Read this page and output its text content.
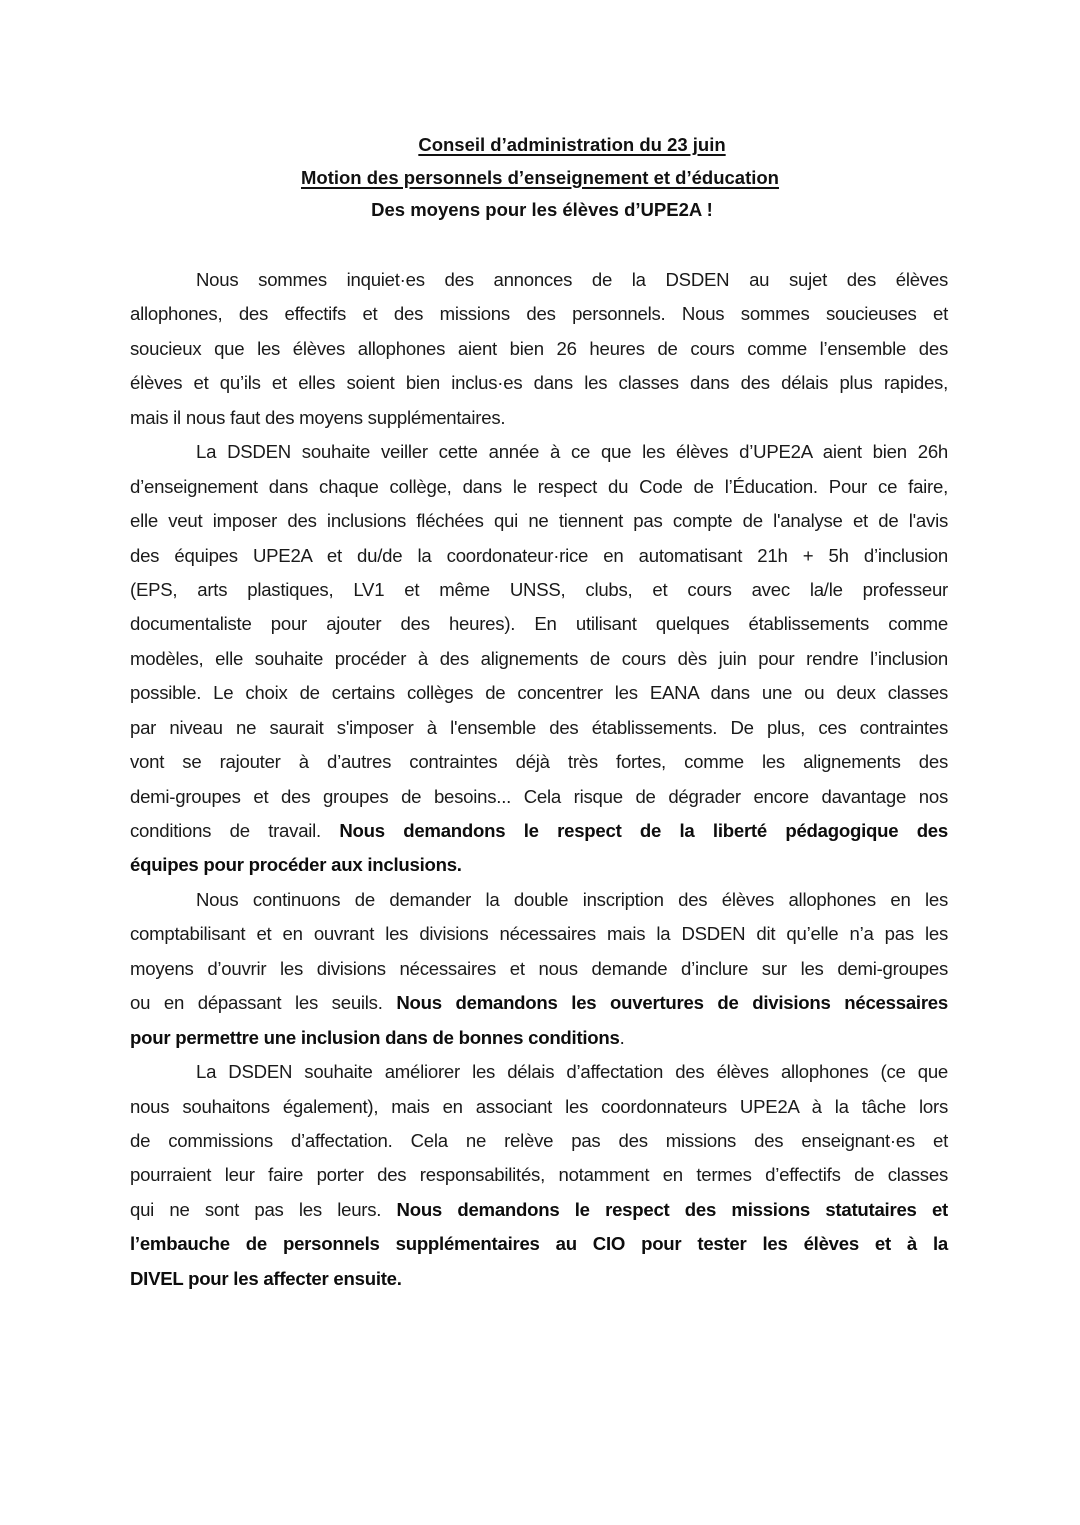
Conseil d’administration du 23 juin
Motion des personnels d’enseignement et d’éducation
Des moyens pour les élèves d’UPE2A !
Nous sommes inquiet·es des annonces de la DSDEN au sujet des élèves
allophones, des effectifs et des missions des personnels. Nous sommes soucieuses et
soucieux que les élèves allophones aient bien 26 heures de cours comme l’ensemble des
élèves et qu’ils et elles soient bien inclus·es dans les classes dans des délais plus rapides,
mais il nous faut des moyens supplémentaires.
La DSDEN souhaite veiller cette année à ce que les élèves d’UPE2A aient bien 26h
d’enseignement dans chaque collège, dans le respect du Code de l’Éducation. Pour ce faire,
elle veut imposer des inclusions fléchées qui ne tiennent pas compte de l'analyse et de l'avis
des équipes UPE2A et du/de la coordonateur·rice en automatisant 21h + 5h d’inclusion
(EPS, arts plastiques, LV1 et même UNSS, clubs, et cours avec la/le professeur
documentaliste pour ajouter des heures). En utilisant quelques établissements comme
modèles, elle souhaite procéder à des alignements de cours dès juin pour rendre l’inclusion
possible. Le choix de certains collèges de concentrer les EANA dans une ou deux classes
par niveau ne saurait s'imposer à l'ensemble des établissements. De plus, ces contraintes
vont se rajouter à d’autres contraintes déjà très fortes, comme les alignements des
demi-groupes et des groupes de besoins... Cela risque de dégrader encore davantage nos
conditions de travail. Nous demandons le respect de la liberté pédagogique des
équipes pour procéder aux inclusions.
Nous continuons de demander la double inscription des élèves allophones en les
comptabilisant et en ouvrant les divisions nécessaires mais la DSDEN dit qu’elle n’a pas les
moyens d’ouvrir les divisions nécessaires et nous demande d’inclure sur les demi-groupes
ou en dépassant les seuils. Nous demandons les ouvertures de divisions nécessaires
pour permettre une inclusion dans de bonnes conditions.
La DSDEN souhaite améliorer les délais d’affectation des élèves allophones (ce que
nous souhaitons également), mais en associant les coordonnateurs UPE2A à la tâche lors
de commissions d’affectation. Cela ne relève pas des missions des enseignant·es et
pourraient leur faire porter des responsabilités, notamment en termes d’effectifs de classes
qui ne sont pas les leurs. Nous demandons le respect des missions statutaires et
l’embauche de personnels supplémentaires au CIO pour tester les élèves et à la
DIVEL pour les affecter ensuite.
